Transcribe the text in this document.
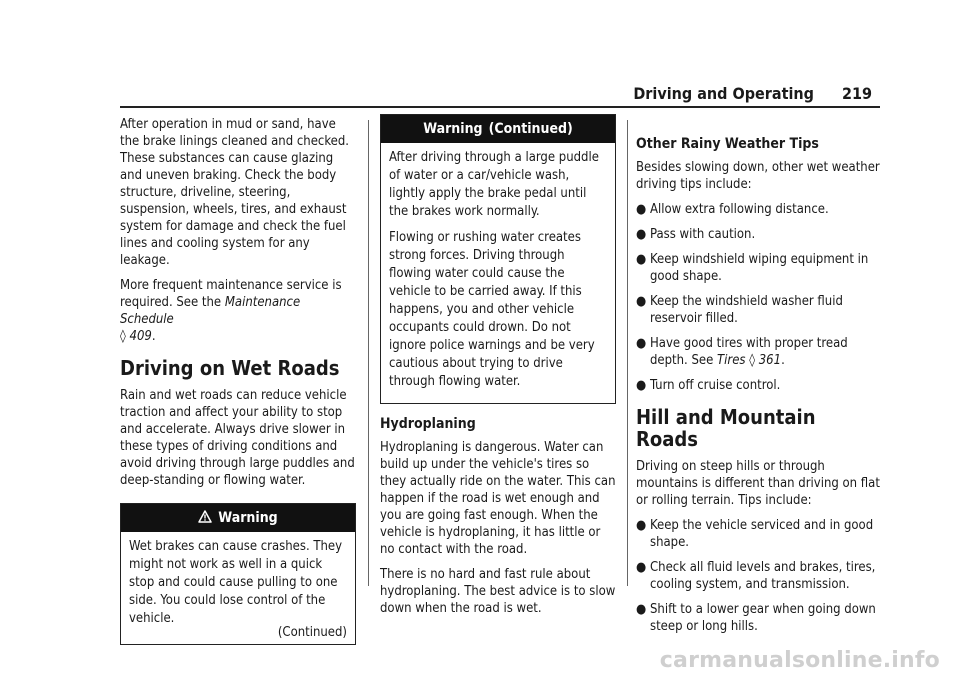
Driving and Operating 219

After operation in mud or sand, have the brake linings cleaned and checked. These substances can cause glazing and uneven braking. Check the body structure, driveline, steering, suspension, wheels, tires, and exhaust system for damage and check the fuel lines and cooling system for any leakage.

More frequent maintenance service is required. See the Maintenance Schedule
◊ 409.

Driving on Wet Roads

Rain and wet roads can reduce vehicle traction and affect your ability to stop and accelerate. Always drive slower in these types of driving conditions and avoid driving through large puddles and deep-standing or flowing water.

Warning

Wet brakes can cause crashes. They might not work as well in a quick stop and could cause pulling to one side. You could lose control of the vehicle.

(Continued)
Warning (Continued)

After driving through a large puddle of water or a car/vehicle wash, lightly apply the brake pedal until the brakes work normally.

Flowing or rushing water creates strong forces. Driving through flowing water could cause the vehicle to be carried away. If this happens, you and other vehicle occupants could drown. Do not ignore police warnings and be very cautious about trying to drive through flowing water.

Hydroplaning

Hydroplaning is dangerous. Water can build up under the vehicle's tires so they actually ride on the water. This can happen if the road is wet enough and you are going fast enough. When the vehicle is hydroplaning, it has little or no contact with the road.

There is no hard and fast rule about hydroplaning. The best advice is to slow down when the road is wet.

Other Rainy Weather Tips

Besides slowing down, other wet weather driving tips include:

● Allow extra following distance.
● Pass with caution.
● Keep windshield wiping equipment in good shape.
● Keep the windshield washer fluid reservoir filled.
● Have good tires with proper tread depth. See Tires ◊ 361.
● Turn off cruise control.
Hill and Mountain Roads

Driving on steep hills or through mountains is different than driving on flat or rolling terrain. Tips include:

● Keep the vehicle serviced and in good shape.
● Check all fluid levels and brakes, tires, cooling system, and transmission.
● Shift to a lower gear when going down steep or long hills.
carmanualsonline.info
